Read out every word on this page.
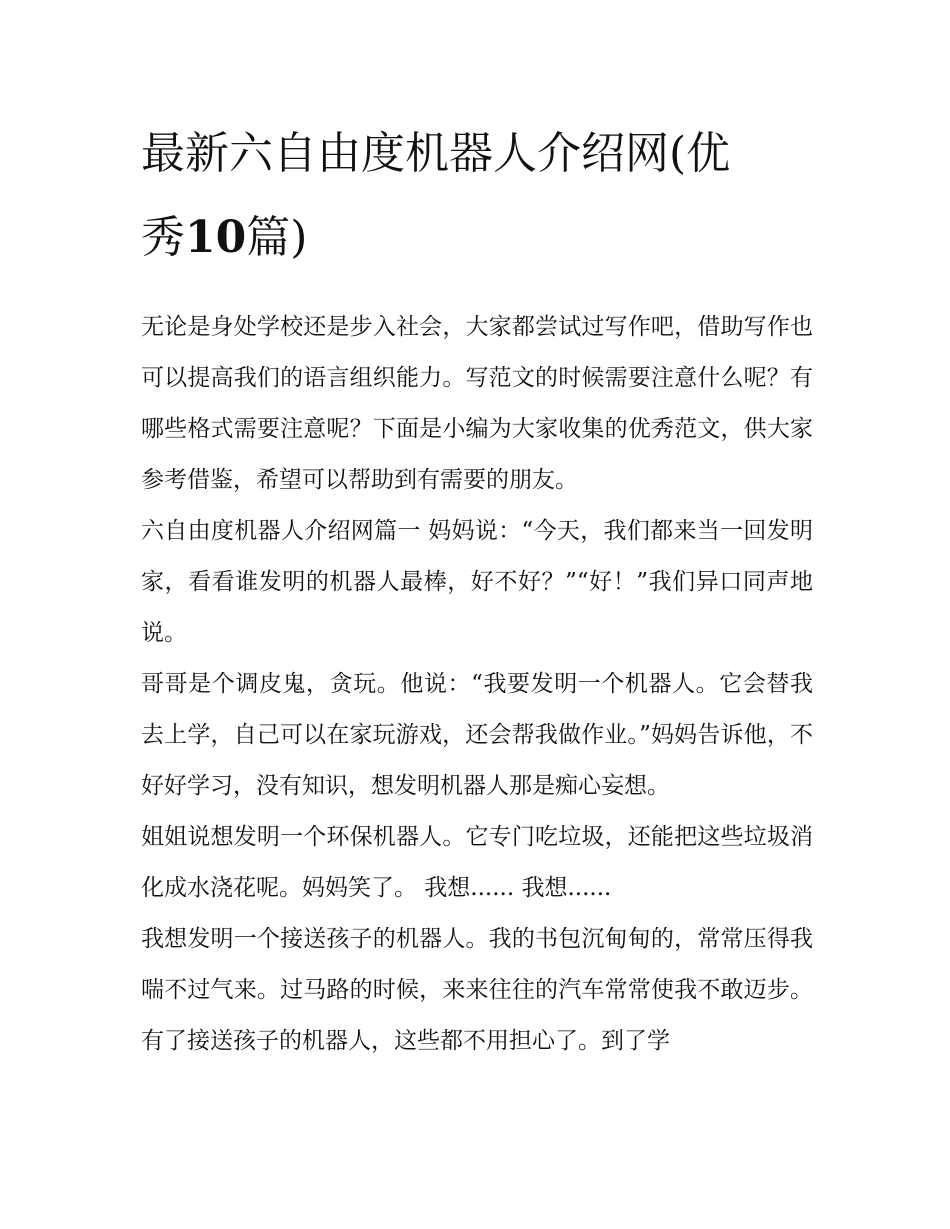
最新六自由度机器人介绍网(优
秀10篇)

无论是身处学校还是步入社会，大家都尝试过写作吧，借助写作也可以提高我们的语言组织能力。写范文的时候需要注意什么呢？有哪些格式需要注意呢？下面是小编为大家收集的优秀范文，供大家参考借鉴，希望可以帮助到有需要的朋友。

六自由度机器人介绍网篇一 妈妈说：“今天，我们都来当一回发明家，看看谁发明的机器人最棒，好不好？”“好！”我们异口同声地说。

哥哥是个调皮鬼，贪玩。他说：“我要发明一个机器人。它会替我去上学，自己可以在家玩游戏，还会帮我做作业。”妈妈告诉他，不好好学习，没有知识，想发明机器人那是痴心妄想。

姐姐说想发明一个环保机器人。它专门吃垃圾，还能把这些垃圾消化成水浇花呢。妈妈笑了。 我想...... 我想......

我想发明一个接送孩子的机器人。我的书包沉甸甸的，常常压得我喘不过气来。过马路的时候，来来往往的汽车常常使我不敢迈步。有了接送孩子的机器人，这些都不用担心了。到了学
